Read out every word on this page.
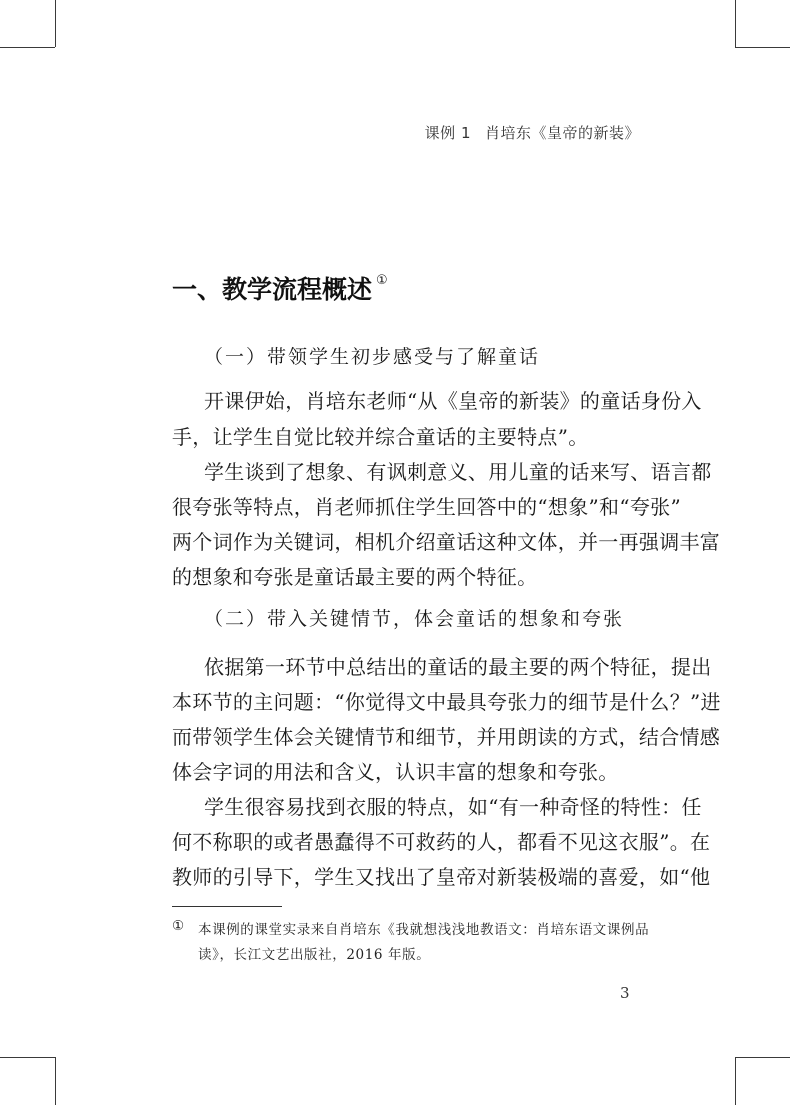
课例 1 肖培东《皇帝的新装》
一、教学流程概述 ①
（一）带领学生初步感受与了解童话
开课伊始，肖培东老师“从《皇帝的新装》的童话身份入
手，让学生自觉比较并综合童话的主要特点”。
学生谈到了想象、有讽刺意义、用儿童的话来写、语言都
很夸张等特点，肖老师抓住学生回答中的“想象”和“夸张”
两个词作为关键词，相机介绍童话这种文体，并一再强调丰富
的想象和夸张是童话最主要的两个特征。
（二）带入关键情节，体会童话的想象和夸张
依据第一环节中总结出的童话的最主要的两个特征，提出
本环节的主问题：“你觉得文中最具夸张力的细节是什么？”进
而带领学生体会关键情节和细节，并用朗读的方式，结合情感
体会字词的用法和含义，认识丰富的想象和夸张。
学生很容易找到衣服的特点，如“有一种奇怪的特性：任
何不称职的或者愚蠢得不可救药的人，都看不见这衣服”。在
教师的引导下，学生又找出了皇帝对新装极端的喜爱，如“他
① 本课例的课堂实录来自肖培东《我就想浅浅地教语文：肖培东语文课例品
读》，长江文艺出版社，2016 年版。
3
